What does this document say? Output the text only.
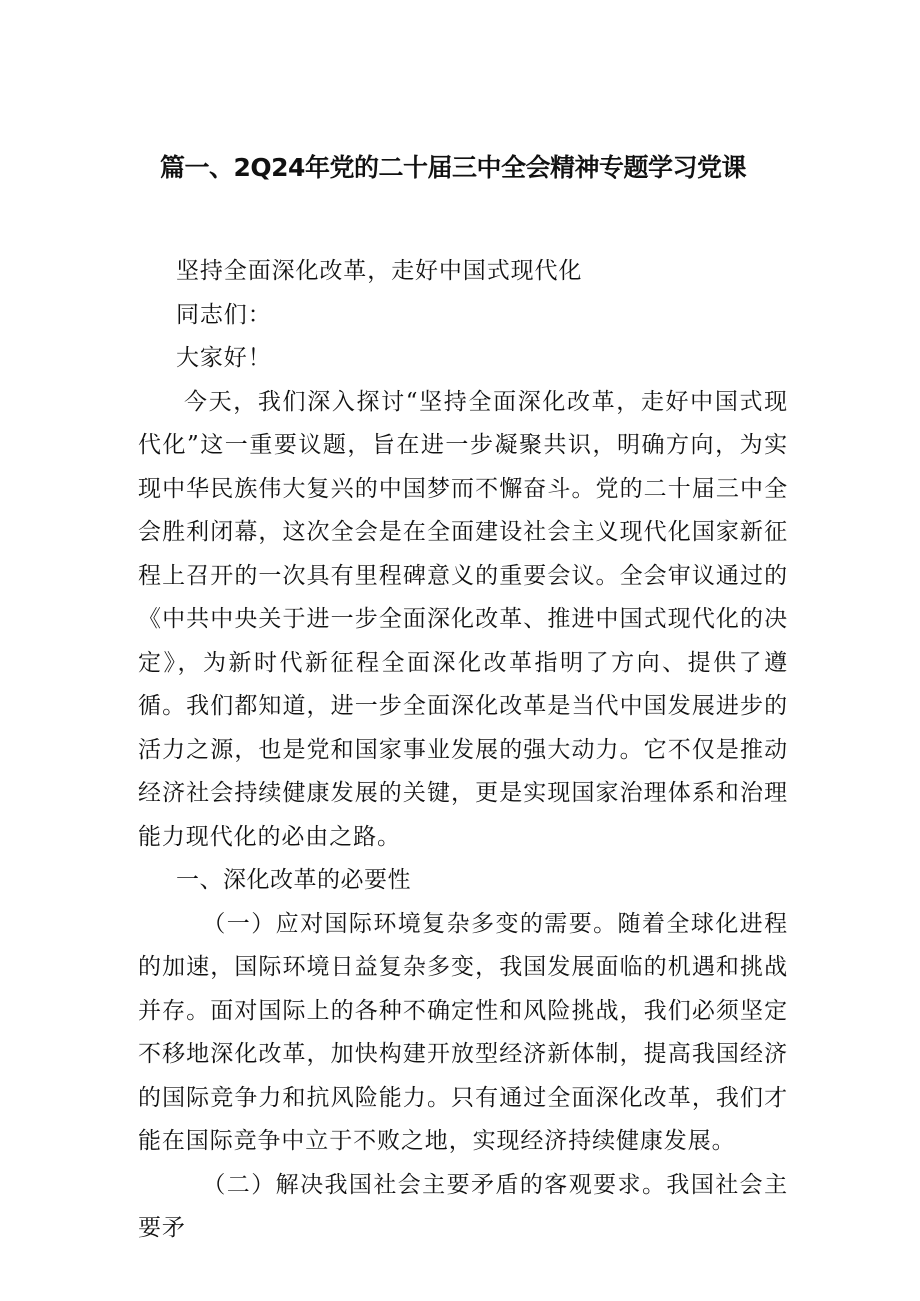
篇一、2Q24年党的二十届三中全会精神专题学习党课

坚持全面深化改革，走好中国式现代化

同志们：

大家好！

今天，我们深入探讨“坚持全面深化改革，走好中国式现代化”这一重要议题，旨在进一步凝聚共识，明确方向，为实现中华民族伟大复兴的中国梦而不懈奋斗。党的二十届三中全会胜利闭幕，这次全会是在全面建设社会主义现代化国家新征程上召开的一次具有里程碑意义的重要会议。全会审议通过的《中共中央关于进一步全面深化改革、推进中国式现代化的决定》，为新时代新征程全面深化改革指明了方向、提供了遵循。我们都知道，进一步全面深化改革是当代中国发展进步的活力之源，也是党和国家事业发展的强大动力。它不仅是推动经济社会持续健康发展的关键，更是实现国家治理体系和治理能力现代化的必由之路。

一、深化改革的必要性

（一）应对国际环境复杂多变的需要。随着全球化进程的加速，国际环境日益复杂多变，我国发展面临的机遇和挑战并存。面对国际上的各种不确定性和风险挑战，我们必须坚定不移地深化改革，加快构建开放型经济新体制，提高我国经济的国际竞争力和抗风险能力。只有通过全面深化改革，我们才能在国际竞争中立于不败之地，实现经济持续健康发展。

（二）解决我国社会主要矛盾的客观要求。我国社会主要矛
